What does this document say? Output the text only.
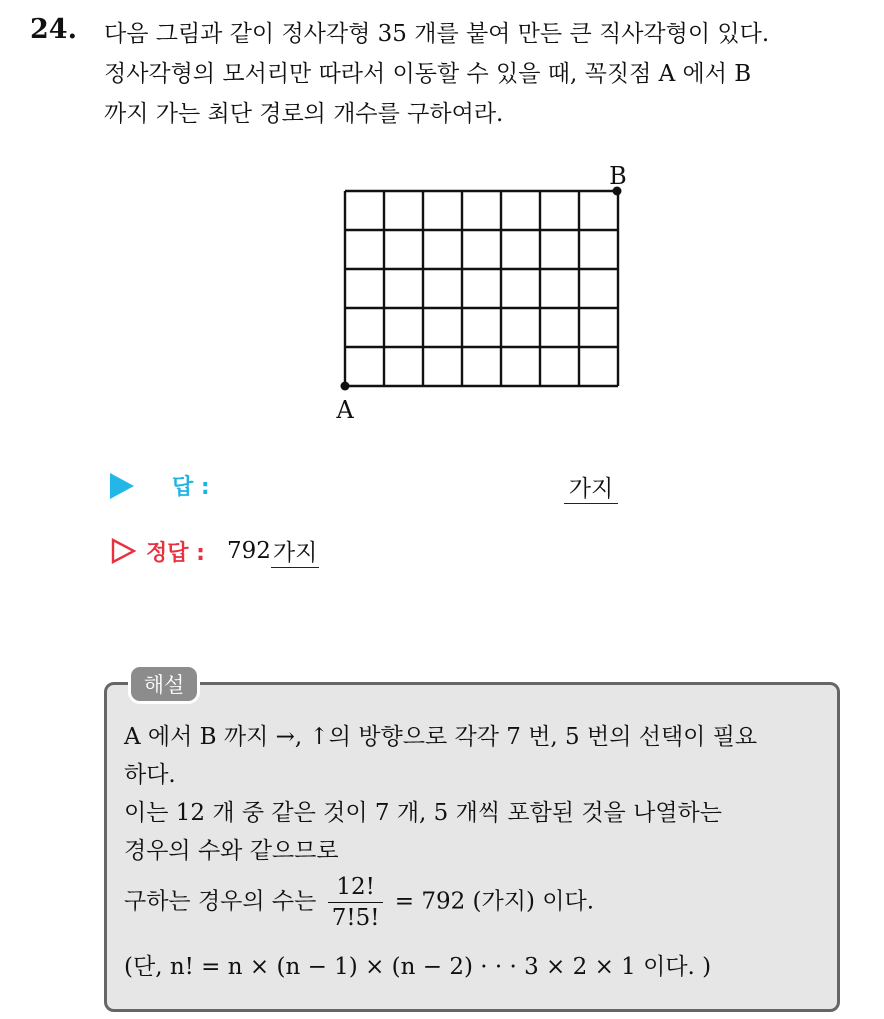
24. 다음 그림과 같이 정사각형 35 개를 붙여 만든 큰 직사각형이 있다.
정사각형의 모서리만 따라서 이동할 수 있을 때, 꼭짓점 A 에서 B
까지 가는 최단 경로의 개수를 구하여라.
A
B
답 :	가지
정답 : 792 가지
해설
A 에서 B 까지 →, ↑의 방향으로 각각 7 번, 5 번의 선택이 필요
하다.
이는 12 개 중 같은 것이 7 개, 5 개씩 포함된 것을 나열하는
경우의 수와 같으므로
구하는 경우의 수는 $\frac{12!}{7!5!} = 792$ (가지) 이다.
(단, n! = n × (n − 1) × (n − 2) · · · 3 × 2 × 1 이다. )
